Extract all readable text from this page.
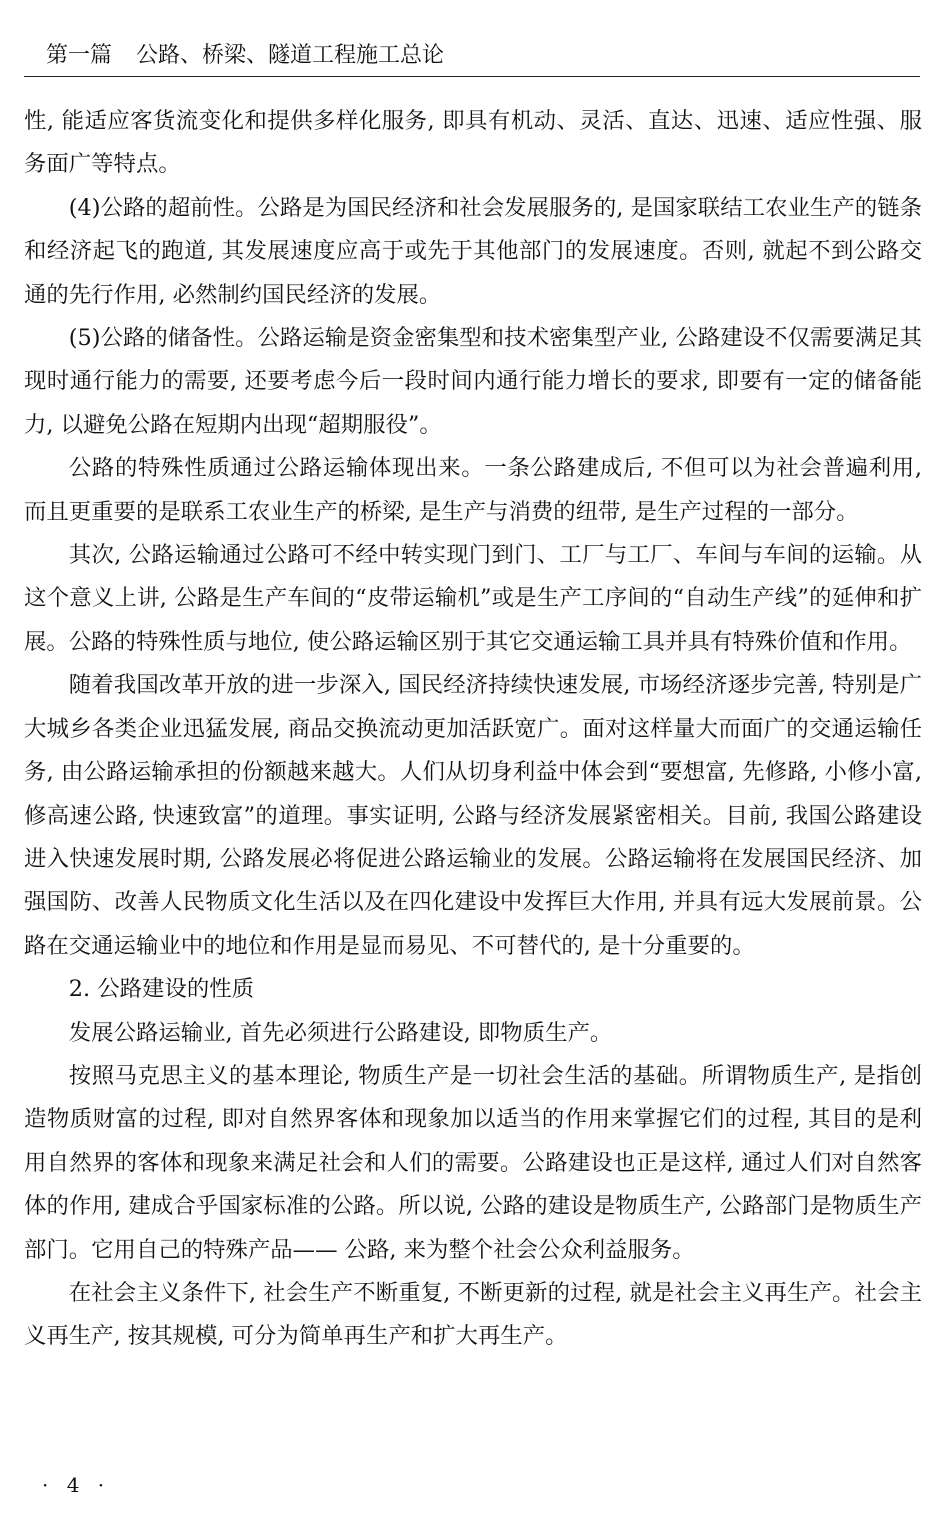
第一篇 公路、桥梁、隧道工程施工总论

性, 能适应客货流变化和提供多样化服务, 即具有机动、灵活、直达、迅速、适应性强、服务面广等特点。

(4)公路的超前性。公路是为国民经济和社会发展服务的, 是国家联结工农业生产的链条和经济起飞的跑道, 其发展速度应高于或先于其他部门的发展速度。否则, 就起不到公路交通的先行作用, 必然制约国民经济的发展。

(5)公路的储备性。公路运输是资金密集型和技术密集型产业, 公路建设不仅需要满足其现时通行能力的需要, 还要考虑今后一段时间内通行能力增长的要求, 即要有一定的储备能力, 以避免公路在短期内出现“超期服役”。

公路的特殊性质通过公路运输体现出来。一条公路建成后, 不但可以为社会普遍利用, 而且更重要的是联系工农业生产的桥梁, 是生产与消费的纽带, 是生产过程的一部分。

其次, 公路运输通过公路可不经中转实现门到门、工厂与工厂、车间与车间的运输。从这个意义上讲, 公路是生产车间的“皮带运输机”或是生产工序间的“自动生产线”的延伸和扩展。公路的特殊性质与地位, 使公路运输区别于其它交通运输工具并具有特殊价值和作用。

随着我国改革开放的进一步深入, 国民经济持续快速发展, 市场经济逐步完善, 特别是广大城乡各类企业迅猛发展, 商品交换流动更加活跃宽广。面对这样量大而面广的交通运输任务, 由公路运输承担的份额越来越大。人们从切身利益中体会到“要想富, 先修路, 小修小富, 修高速公路, 快速致富”的道理。事实证明, 公路与经济发展紧密相关。目前, 我国公路建设进入快速发展时期, 公路发展必将促进公路运输业的发展。公路运输将在发展国民经济、加强国防、改善人民物质文化生活以及在四化建设中发挥巨大作用, 并具有远大发展前景。公路在交通运输业中的地位和作用是显而易见、不可替代的, 是十分重要的。

2. 公路建设的性质

发展公路运输业, 首先必须进行公路建设, 即物质生产。

按照马克思主义的基本理论, 物质生产是一切社会生活的基础。所谓物质生产, 是指创造物质财富的过程, 即对自然界客体和现象加以适当的作用来掌握它们的过程, 其目的是利用自然界的客体和现象来满足社会和人们的需要。公路建设也正是这样, 通过人们对自然客体的作用, 建成合乎国家标准的公路。所以说, 公路的建设是物质生产, 公路部门是物质生产部门。它用自己的特殊产品—— 公路, 来为整个社会公众利益服务。

在社会主义条件下, 社会生产不断重复, 不断更新的过程, 就是社会主义再生产。社会主义再生产, 按其规模, 可分为简单再生产和扩大再生产。

· 4 ·
